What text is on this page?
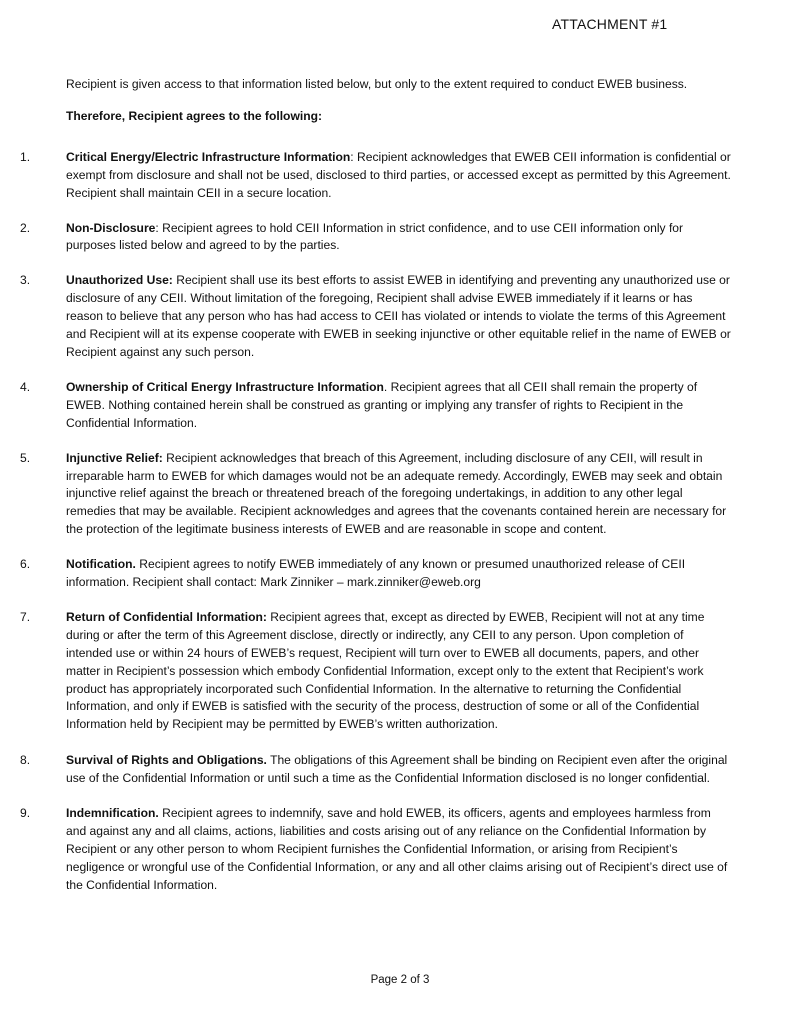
ATTACHMENT #1
Recipient is given access to that information listed below, but only to the extent required to conduct EWEB business.
Therefore, Recipient agrees to the following:
1.	Critical Energy/Electric Infrastructure Information: Recipient acknowledges that EWEB CEII information is confidential or exempt from disclosure and shall not be used, disclosed to third parties, or accessed except as permitted by this Agreement. Recipient shall maintain CEII in a secure location.
2.	Non-Disclosure: Recipient agrees to hold CEII Information in strict confidence, and to use CEII information only for purposes listed below and agreed to by the parties.
3.	Unauthorized Use: Recipient shall use its best efforts to assist EWEB in identifying and preventing any unauthorized use or disclosure of any CEII. Without limitation of the foregoing, Recipient shall advise EWEB immediately if it learns or has reason to believe that any person who has had access to CEII has violated or intends to violate the terms of this Agreement and Recipient will at its expense cooperate with EWEB in seeking injunctive or other equitable relief in the name of EWEB or Recipient against any such person.
4.	Ownership of Critical Energy Infrastructure Information. Recipient agrees that all CEII shall remain the property of EWEB. Nothing contained herein shall be construed as granting or implying any transfer of rights to Recipient in the Confidential Information.
5.	Injunctive Relief: Recipient acknowledges that breach of this Agreement, including disclosure of any CEII, will result in irreparable harm to EWEB for which damages would not be an adequate remedy. Accordingly, EWEB may seek and obtain injunctive relief against the breach or threatened breach of the foregoing undertakings, in addition to any other legal remedies that may be available. Recipient acknowledges and agrees that the covenants contained herein are necessary for the protection of the legitimate business interests of EWEB and are reasonable in scope and content.
6.	Notification. Recipient agrees to notify EWEB immediately of any known or presumed unauthorized release of CEII information. Recipient shall contact: Mark Zinniker – mark.zinniker@eweb.org
7.	Return of Confidential Information: Recipient agrees that, except as directed by EWEB, Recipient will not at any time during or after the term of this Agreement disclose, directly or indirectly, any CEII to any person. Upon completion of intended use or within 24 hours of EWEB’s request, Recipient will turn over to EWEB all documents, papers, and other matter in Recipient’s possession which embody Confidential Information, except only to the extent that Recipient’s work product has appropriately incorporated such Confidential Information. In the alternative to returning the Confidential Information, and only if EWEB is satisfied with the security of the process, destruction of some or all of the Confidential Information held by Recipient may be permitted by EWEB’s written authorization.
8.	Survival of Rights and Obligations. The obligations of this Agreement shall be binding on Recipient even after the original use of the Confidential Information or until such a time as the Confidential Information disclosed is no longer confidential.
9.	Indemnification. Recipient agrees to indemnify, save and hold EWEB, its officers, agents and employees harmless from and against any and all claims, actions, liabilities and costs arising out of any reliance on the Confidential Information by Recipient or any other person to whom Recipient furnishes the Confidential Information, or arising from Recipient’s negligence or wrongful use of the Confidential Information, or any and all other claims arising out of Recipient’s direct use of the Confidential Information.
Page 2 of 3
